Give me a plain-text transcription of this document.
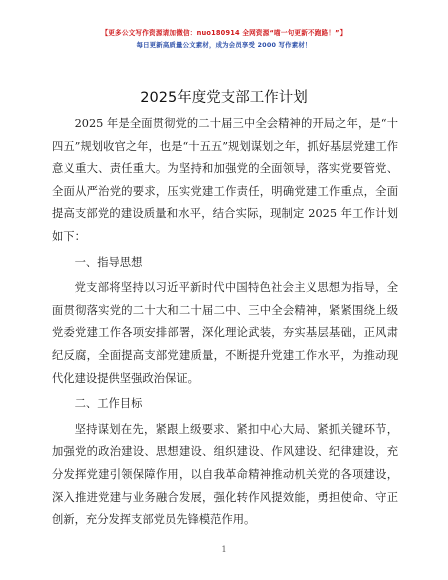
【更多公文写作资源请加微信：nuo180914 全网资源“喵一句更新不跑路！”】
每日更新高质量公文素材，成为会员享受 2000 写作素材！
2025年度党支部工作计划

2025 年是全面贯彻党的二十届三中全会精神的开局之年，是“十四五”规划收官之年，也是“十五五”规划谋划之年，抓好基层党建工作意义重大、责任重大。为坚持和加强党的全面领导，落实党要管党、全面从严治党的要求，压实党建工作责任，明确党建工作重点，全面提高支部党的建设质量和水平，结合实际，现制定 2025 年工作计划如下：

一、指导思想

党支部将坚持以习近平新时代中国特色社会主义思想为指导，全面贯彻落实党的二十大和二十届二中、三中全会精神，紧紧围绕上级党委党建工作各项安排部署，深化理论武装，夯实基层基础，正风肃纪反腐，全面提高支部党建质量，不断提升党建工作水平，为推动现代化建设提供坚强政治保证。

二、工作目标

坚持谋划在先，紧跟上级要求、紧扣中心大局、紧抓关键环节，加强党的政治建设、思想建设、组织建设、作风建设、纪律建设，充分发挥党建引领保障作用，以自我革命精神推动机关党的各项建设，深入推进党建与业务融合发展，强化转作风提效能，勇担使命、守正创新，充分发挥支部党员先锋模范作用。

1
